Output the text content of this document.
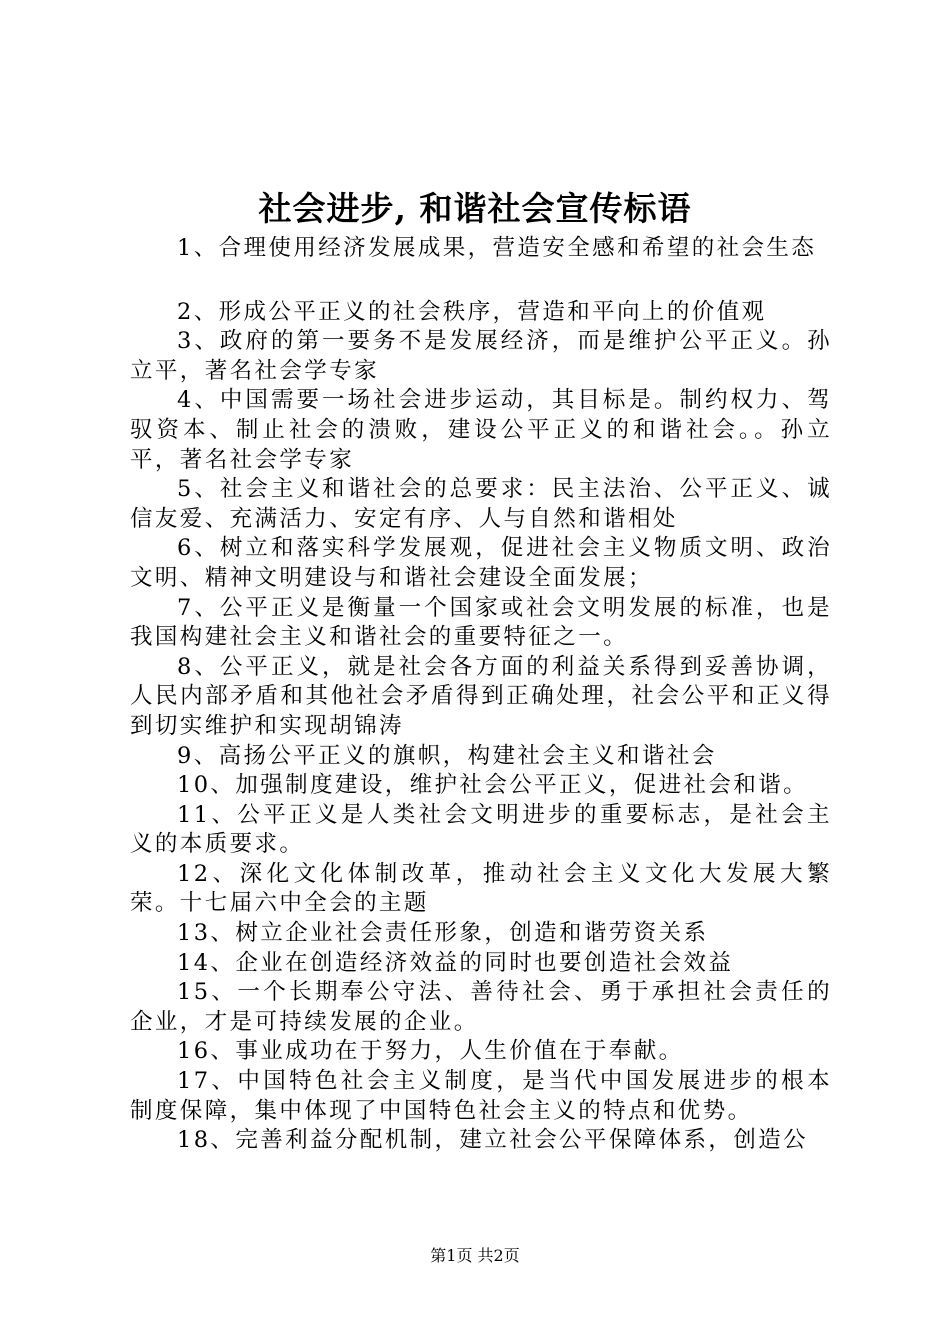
社会进步, 和谐社会宣传标语

1、合理使用经济发展成果，营造安全感和希望的社会生态

2、形成公平正义的社会秩序，营造和平向上的价值观

3、政府的第一要务不是发展经济，而是维护公平正义。孙立平，著名社会学专家

4、中国需要一场社会进步运动，其目标是。制约权力、驾驭资本、制止社会的溃败，建设公平正义的和谐社会。。孙立平，著名社会学专家

5、社会主义和谐社会的总要求：民主法治、公平正义、诚信友爱、充满活力、安定有序、人与自然和谐相处

6、树立和落实科学发展观，促进社会主义物质文明、政治文明、精神文明建设与和谐社会建设全面发展；

7、公平正义是衡量一个国家或社会文明发展的标准，也是我国构建社会主义和谐社会的重要特征之一。

8、公平正义，就是社会各方面的利益关系得到妥善协调，人民内部矛盾和其他社会矛盾得到正确处理，社会公平和正义得到切实维护和实现胡锦涛

9、高扬公平正义的旗帜，构建社会主义和谐社会

10、加强制度建设，维护社会公平正义，促进社会和谐。

11、公平正义是人类社会文明进步的重要标志，是社会主义的本质要求。

12、深化文化体制改革，推动社会主义文化大发展大繁荣。十七届六中全会的主题

13、树立企业社会责任形象，创造和谐劳资关系

14、企业在创造经济效益的同时也要创造社会效益

15、一个长期奉公守法、善待社会、勇于承担社会责任的企业，才是可持续发展的企业。

16、事业成功在于努力，人生价值在于奉献。

17、中国特色社会主义制度，是当代中国发展进步的根本制度保障，集中体现了中国特色社会主义的特点和优势。

18、完善利益分配机制，建立社会公平保障体系，创造公

第1页 共2页
